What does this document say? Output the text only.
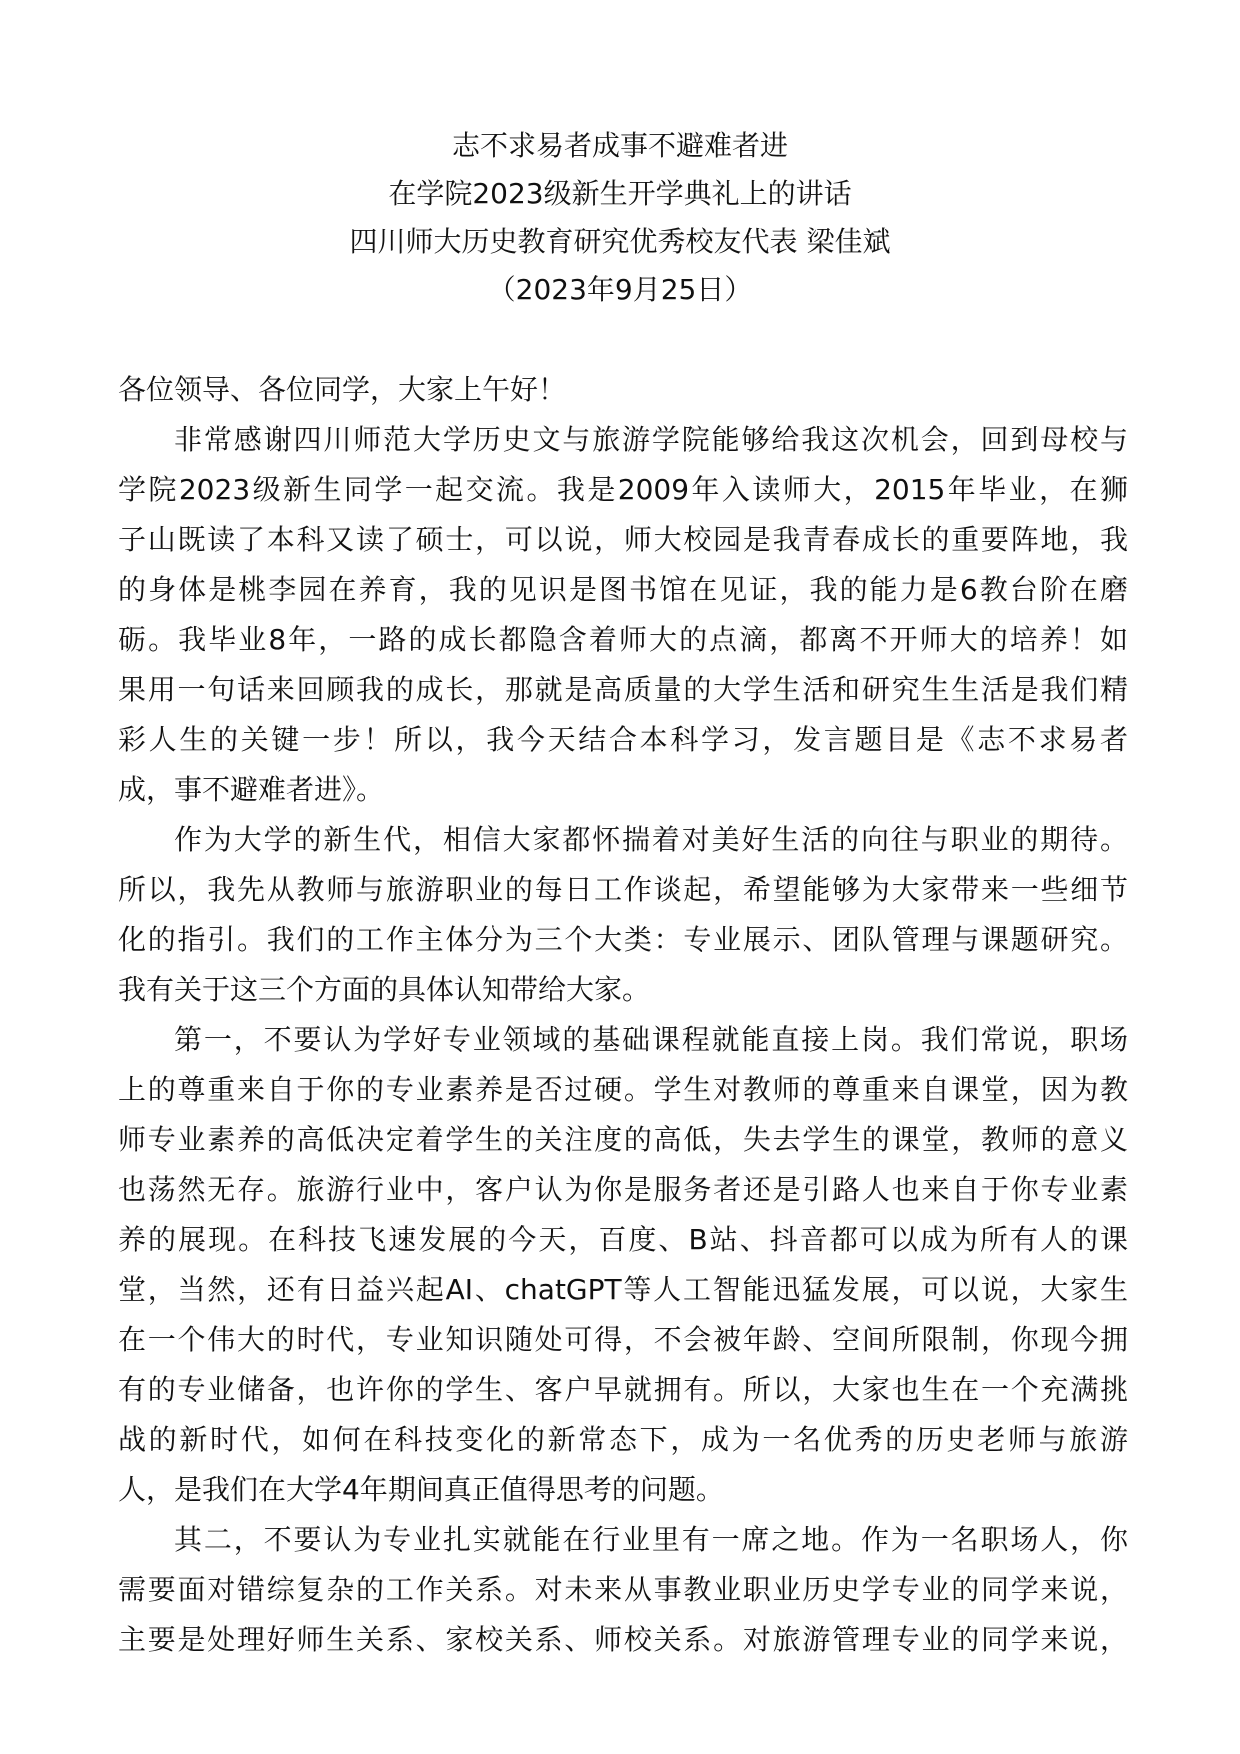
志不求易者成事不避难者进
在学院2023级新生开学典礼上的讲话
四川师大历史教育研究优秀校友代表 梁佳斌
（2023年9月25日）
各位领导、各位同学，大家上午好！
非常感谢四川师范大学历史文与旅游学院能够给我这次机会，回到母校与
学院2023级新生同学一起交流。我是2009年入读师大，2015年毕业，在狮
子山既读了本科又读了硕士，可以说，师大校园是我青春成长的重要阵地，我
的身体是桃李园在养育，我的见识是图书馆在见证，我的能力是6教台阶在磨
砺。我毕业8年，一路的成长都隐含着师大的点滴，都离不开师大的培养！如
果用一句话来回顾我的成长，那就是高质量的大学生活和研究生生活是我们精
彩人生的关键一步！所以，我今天结合本科学习，发言题目是《志不求易者
成，事不避难者进》。
作为大学的新生代，相信大家都怀揣着对美好生活的向往与职业的期待。
所以，我先从教师与旅游职业的每日工作谈起，希望能够为大家带来一些细节
化的指引。我们的工作主体分为三个大类：专业展示、团队管理与课题研究。
我有关于这三个方面的具体认知带给大家。
第一，不要认为学好专业领域的基础课程就能直接上岗。我们常说，职场
上的尊重来自于你的专业素养是否过硬。学生对教师的尊重来自课堂，因为教
师专业素养的高低决定着学生的关注度的高低，失去学生的课堂，教师的意义
也荡然无存。旅游行业中，客户认为你是服务者还是引路人也来自于你专业素
养的展现。在科技飞速发展的今天，百度、B站、抖音都可以成为所有人的课
堂，当然，还有日益兴起AI、chatGPT等人工智能迅猛发展，可以说，大家生
在一个伟大的时代，专业知识随处可得，不会被年龄、空间所限制，你现今拥
有的专业储备，也许你的学生、客户早就拥有。所以，大家也生在一个充满挑
战的新时代，如何在科技变化的新常态下，成为一名优秀的历史老师与旅游
人，是我们在大学4年期间真正值得思考的问题。
其二，不要认为专业扎实就能在行业里有一席之地。作为一名职场人，你
需要面对错综复杂的工作关系。对未来从事教业职业历史学专业的同学来说，
主要是处理好师生关系、家校关系、师校关系。对旅游管理专业的同学来说，
